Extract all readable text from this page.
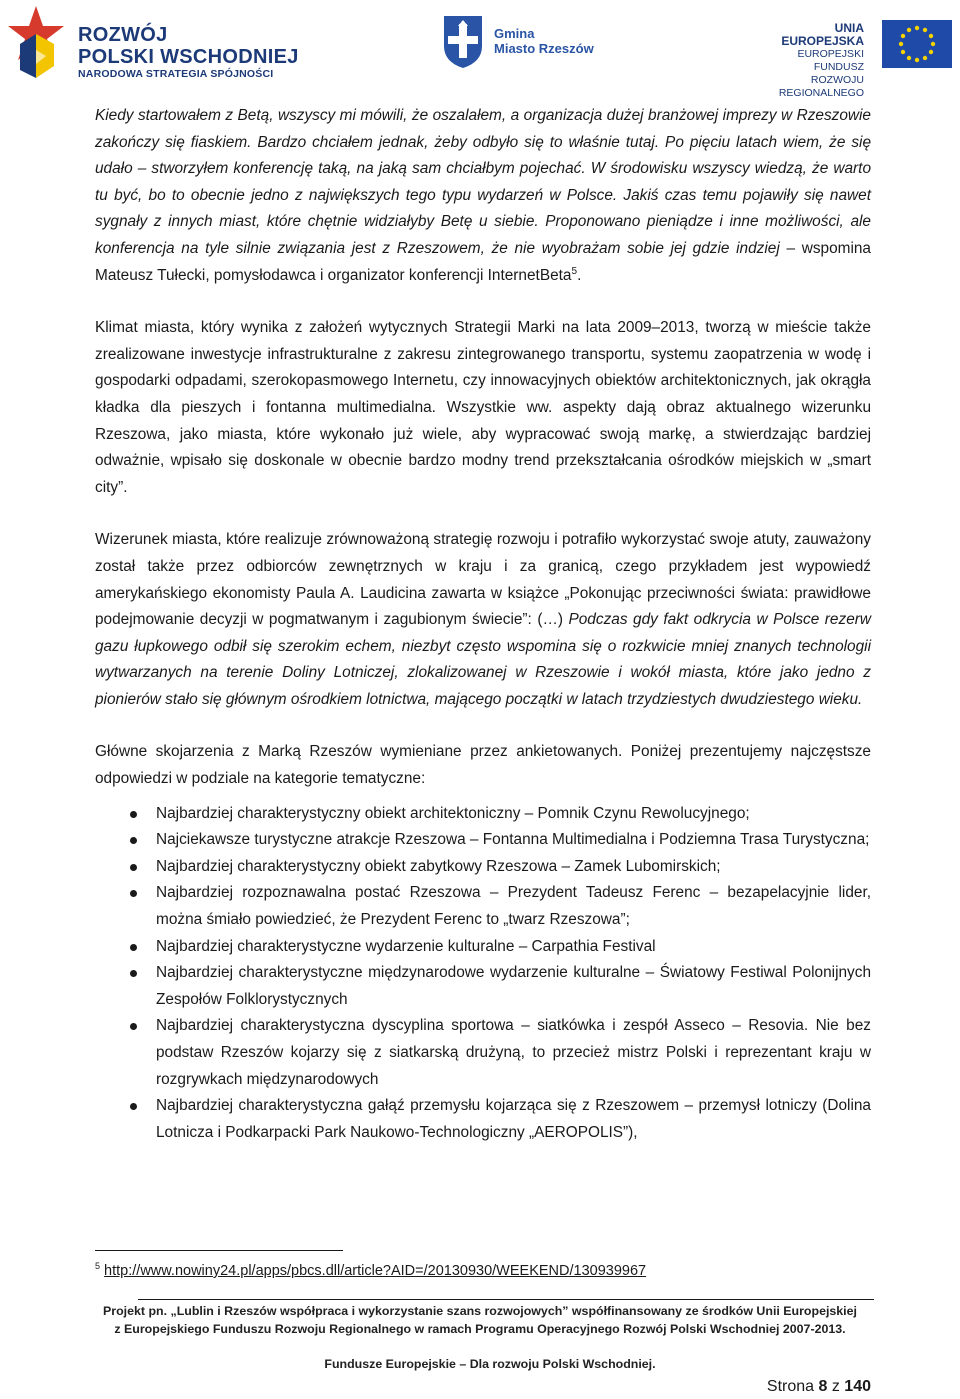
ROZWÓJ
POLSKI WSCHODNIEJ
NARODOWA STRATEGIA SPÓJNOŚCI
Gmina
Miasto Rzeszów
UNIA EUROPEJSKA
EUROPEJSKI FUNDUSZ
ROZWOJU REGIONALNEGO

Kiedy startowałem z Betą, wszyscy mi mówili, że oszalałem, a organizacja dużej branżowej imprezy w Rzeszowie zakończy się fiaskiem. Bardzo chciałem jednak, żeby odbyło się to właśnie tutaj. Po pięciu latach wiem, że się udało – stworzyłem konferencję taką, na jaką sam chciałbym pojechać. W środowisku wszyscy wiedzą, że warto tu być, bo to obecnie jedno z największych tego typu wydarzeń w Polsce. Jakiś czas temu pojawiły się nawet sygnały z innych miast, które chętnie widziałyby Betę u siebie. Proponowano pieniądze i inne możliwości, ale konferencja na tyle silnie związania jest z Rzeszowem, że nie wyobrażam sobie jej gdzie indziej – wspomina Mateusz Tułecki, pomysłodawca i organizator konferencji InternetBeta$^5$.

Klimat miasta, który wynika z założeń wytycznych Strategii Marki na lata 2009–2013, tworzą w mieście także zrealizowane inwestycje infrastrukturalne z zakresu zintegrowanego transportu, systemu zaopatrzenia w wodę i gospodarki odpadami, szerokopasmowego Internetu, czy innowacyjnych obiektów architektonicznych, jak okrągła kładka dla pieszych i fontanna multimedialna. Wszystkie ww. aspekty dają obraz aktualnego wizerunku Rzeszowa, jako miasta, które wykonało już wiele, aby wypracować swoją markę, a stwierdzając bardziej odważnie, wpisało się doskonale w obecnie bardzo modny trend przekształcania ośrodków miejskich w „smart city”.

Wizerunek miasta, które realizuje zrównoważoną strategię rozwoju i potrafiło wykorzystać swoje atuty, zauważony został także przez odbiorców zewnętrznych w kraju i za granicą, czego przykładem jest wypowiedź amerykańskiego ekonomisty Paula A. Laudicina zawarta w książce „Pokonując przeciwności świata: prawidłowe podejmowanie decyzji w pogmatwanym i zagubionym świecie”: (…) Podczas gdy fakt odkrycia w Polsce rezerw gazu łupkowego odbił się szerokim echem, niezbyt często wspomina się o rozkwicie mniej znanych technologii wytwarzanych na terenie Doliny Lotniczej, zlokalizowanej w Rzeszowie i wokół miasta, które jako jedno z pionierów stało się głównym ośrodkiem lotnictwa, mającego początki w latach trzydziestych dwudziestego wieku.

Główne skojarzenia z Marką Rzeszów wymieniane przez ankietowanych. Poniżej prezentujemy najczęstsze odpowiedzi w podziale na kategorie tematyczne:

Najbardziej charakterystyczny obiekt architektoniczny – Pomnik Czynu Rewolucyjnego;
Najciekawsze turystyczne atrakcje Rzeszowa – Fontanna Multimedialna i Podziemna Trasa Turystyczna;
Najbardziej charakterystyczny obiekt zabytkowy Rzeszowa – Zamek Lubomirskich;
Najbardziej rozpoznawalna postać Rzeszowa – Prezydent Tadeusz Ferenc – bezapelacyjnie lider, można śmiało powiedzieć, że Prezydent Ferenc to „twarz Rzeszowa”;
Najbardziej charakterystyczne wydarzenie kulturalne – Carpathia Festival
Najbardziej charakterystyczne międzynarodowe wydarzenie kulturalne – Światowy Festiwal Polonijnych Zespołów Folklorystycznych
Najbardziej charakterystyczna dyscyplina sportowa – siatkówka i zespół Asseco – Resovia. Nie bez podstaw Rzeszów kojarzy się z siatkarską drużyną, to przecież mistrz Polski i reprezentant kraju w rozgrywkach międzynarodowych
Najbardziej charakterystyczna gałąź przemysłu kojarząca się z Rzeszowem – przemysł lotniczy (Dolina Lotnicza i Podkarpacki Park Naukowo-Technologiczny „AEROPOLIS”),
$^5$ http://www.nowiny24.pl/apps/pbcs.dll/article?AID=/20130930/WEEKEND/130939967
Projekt pn. „Lublin i Rzeszów współpraca i wykorzystanie szans rozwojowych” współfinansowany ze środków Unii Europejskiej
z Europejskiego Funduszu Rozwoju Regionalnego w ramach Programu Operacyjnego Rozwój Polski Wschodniej 2007-2013.
Fundusze Europejskie – Dla rozwoju Polski Wschodniej.
Strona 8 z 140
